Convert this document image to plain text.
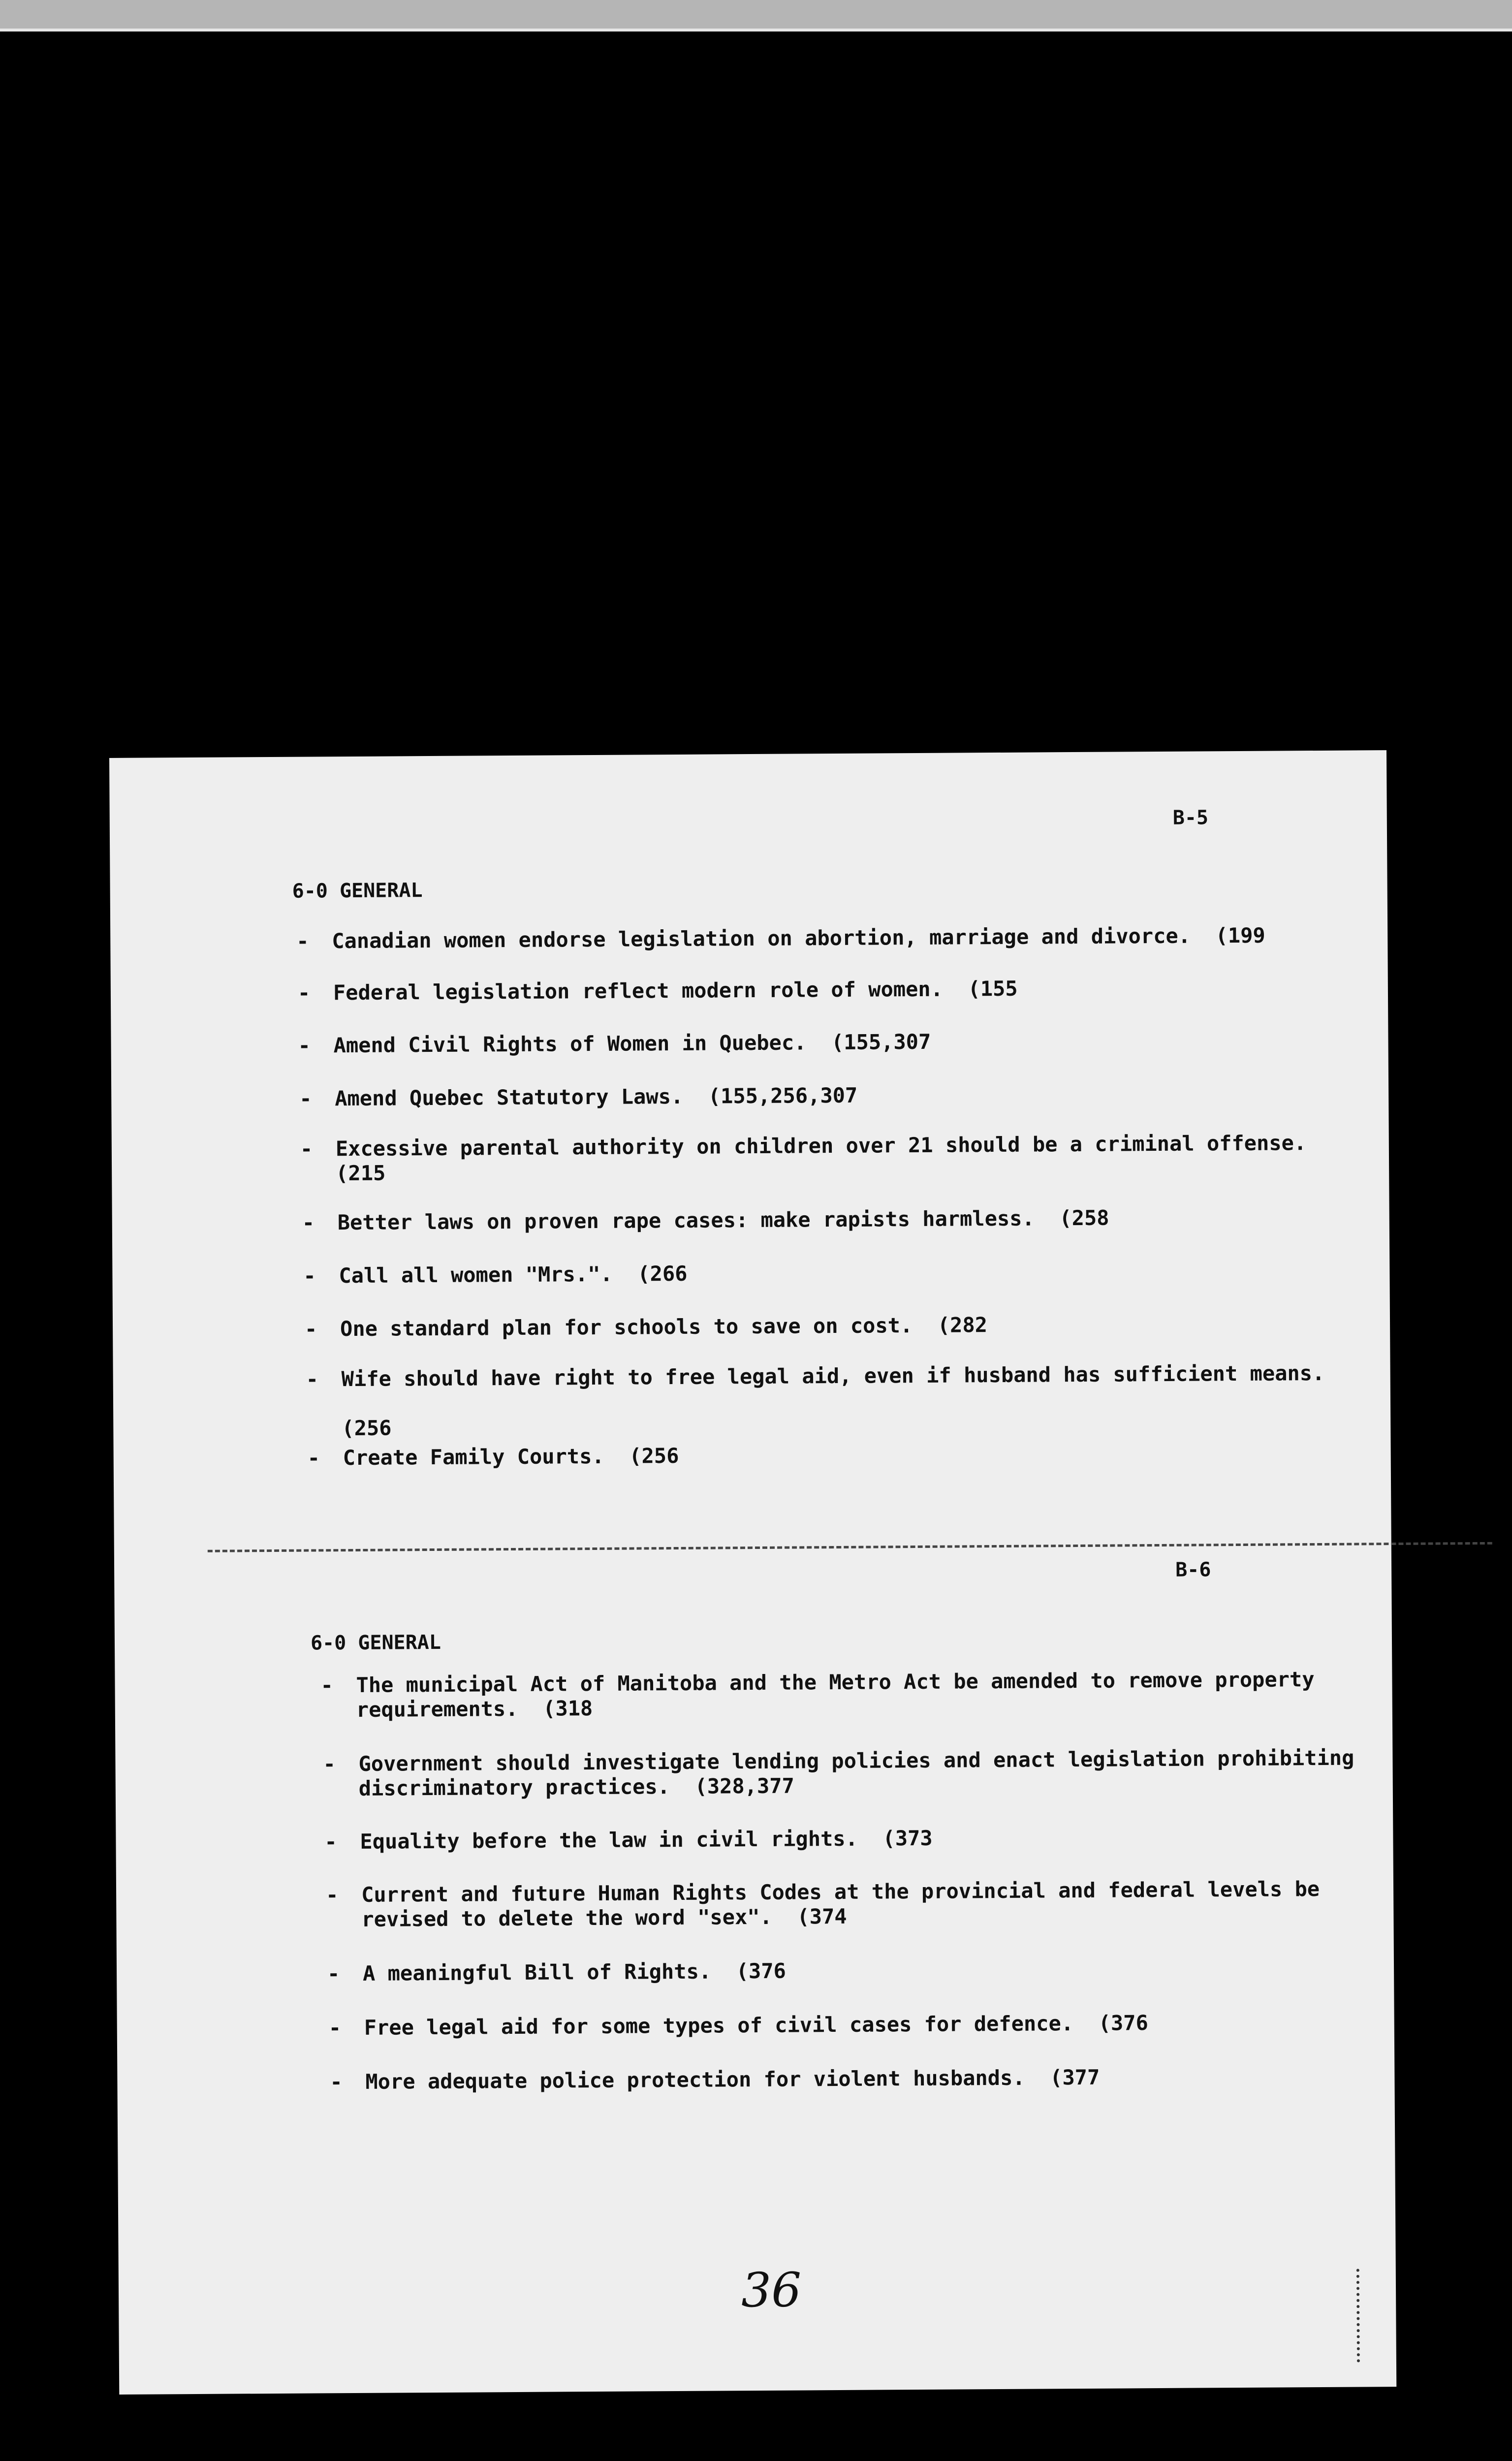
B-5
6-0 GENERAL
- Canadian women endorse legislation on abortion, marriage and divorce.  (199
- Federal legislation reflect modern role of women.  (155
- Amend Civil Rights of Women in Quebec.  (155,307
- Amend Quebec Statutory Laws.  (155,256,307
- Excessive parental authority on children over 21 should be a criminal offense.
(215
- Better laws on proven rape cases: make rapists harmless.  (258
- Call all women "Mrs.".  (266
- One standard plan for schools to save on cost.  (282
- Wife should have right to free legal aid, even if husband has sufficient means.

(256
- Create Family Courts.  (256
B-6
6-0 GENERAL
- The municipal Act of Manitoba and the Metro Act be amended to remove property
requirements.  (318
- Government should investigate lending policies and enact legislation prohibiting
discriminatory practices.  (328,377
- Equality before the law in civil rights.  (373
- Current and future Human Rights Codes at the provincial and federal levels be
revised to delete the word "sex".  (374
- A meaningful Bill of Rights.  (376
- Free legal aid for some types of civil cases for defence.  (376
- More adequate police protection for violent husbands.  (377
36
